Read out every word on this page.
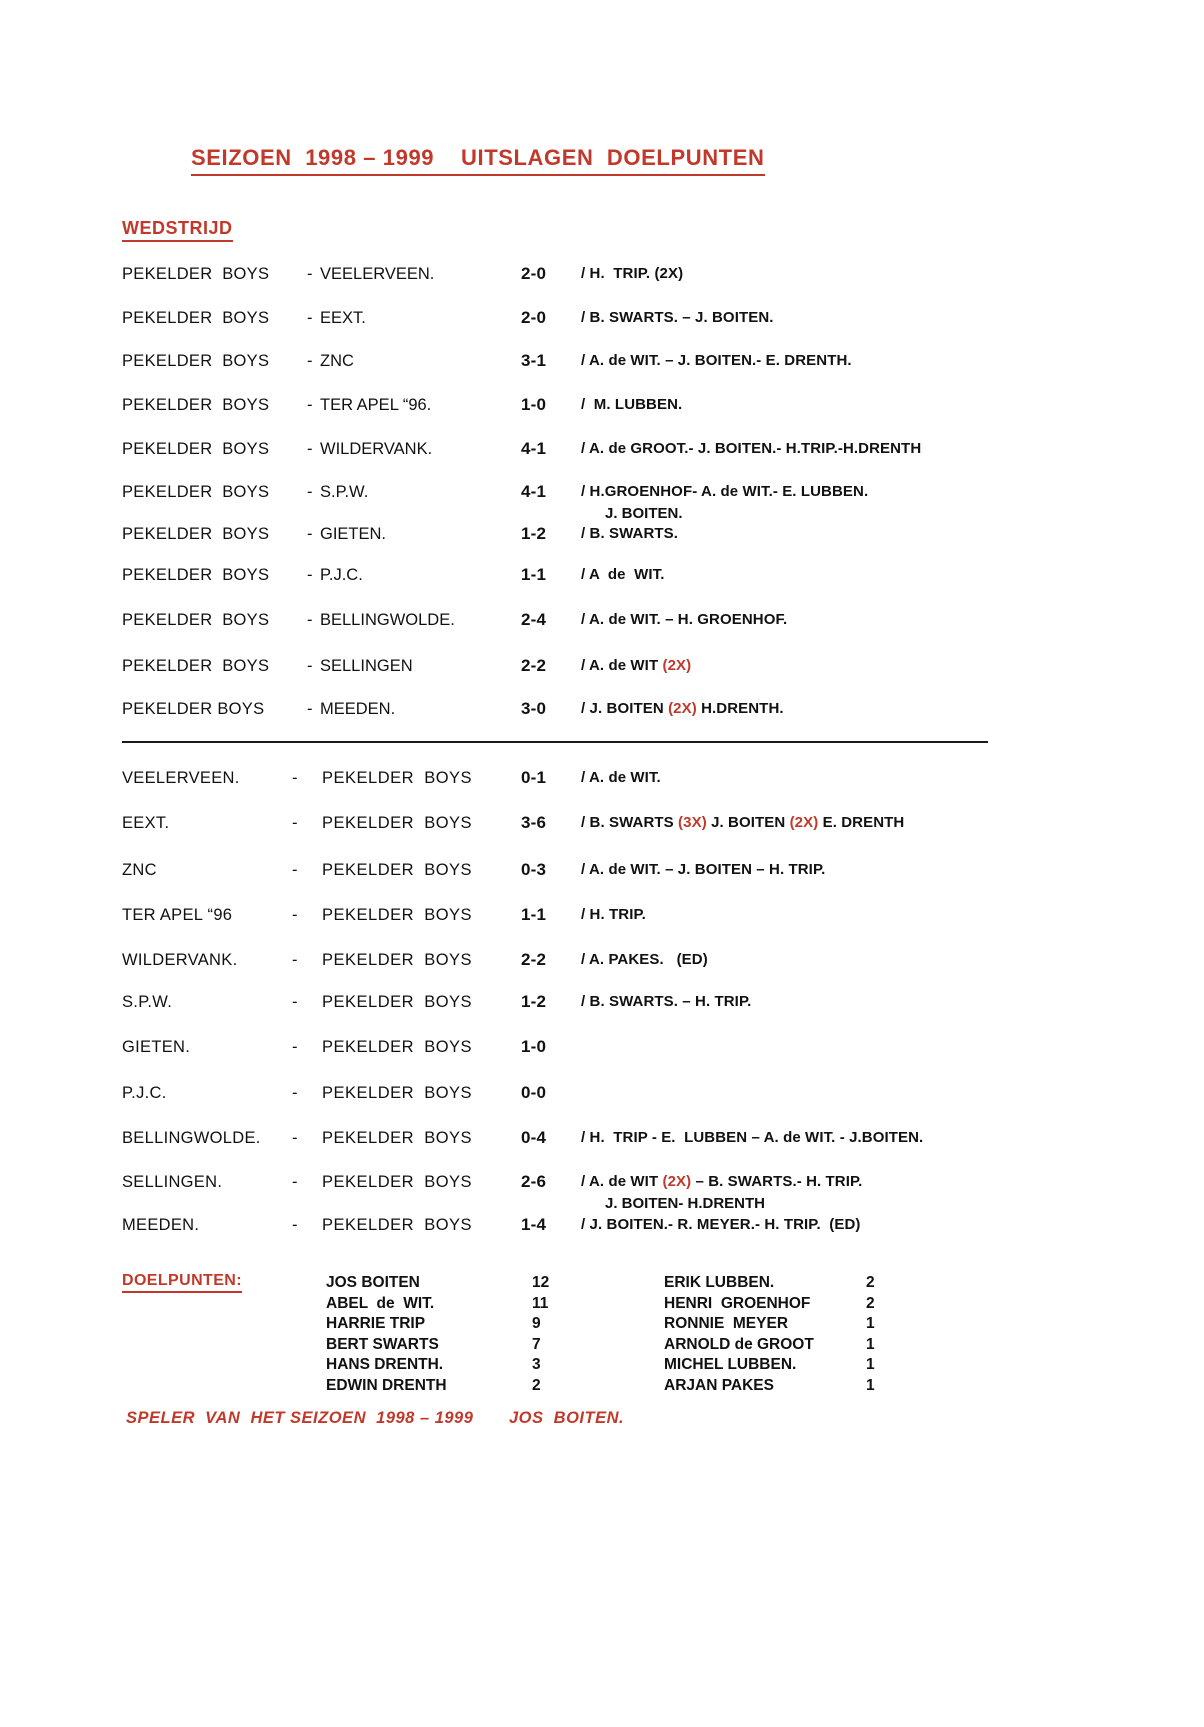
SEIZOEN  1998 – 1999    UITSLAGEN  DOELPUNTEN
WEDSTRIJD
PEKELDER  BOYS - VEELERVEEN.	2-0 / H.  TRIP. (2X)
PEKELDER  BOYS - EEXT.	2-0 / B. SWARTS. – J. BOITEN.
PEKELDER  BOYS - ZNC	3-1 / A. de WIT. – J. BOITEN.- E. DRENTH.
PEKELDER  BOYS - TER APEL “96.	1-0 /  M. LUBBEN.
PEKELDER  BOYS - WILDERVANK.	4-1 / A. de GROOT.- J. BOITEN.- H.TRIP.-H.DRENTH
PEKELDER  BOYS - S.P.W.	4-1 / H.GROENHOF- A. de WIT.- E. LUBBEN.
J. BOITEN.
PEKELDER  BOYS - GIETEN.	1-2 / B. SWARTS.
PEKELDER  BOYS - P.J.C.	1-1 / A  de  WIT.
PEKELDER  BOYS - BELLINGWOLDE.	2-4 / A. de WIT. – H. GROENHOF.
PEKELDER  BOYS - SELLINGEN	2-2 / A. de WIT (2X)
PEKELDER BOYS	- MEEDEN.	3-0 / J. BOITEN (2X) H.DRENTH.
VEELERVEEN.	- PEKELDER  BOYS	0-1 / A. de WIT.
EEXT.	- PEKELDER  BOYS	3-6 / B. SWARTS (3X) J. BOITEN (2X) E. DRENTH
ZNC	- PEKELDER  BOYS	0-3 / A. de WIT. – J. BOITEN – H. TRIP.
TER APEL “96	- PEKELDER  BOYS	1-1 / H. TRIP.
WILDERVANK.	- PEKELDER  BOYS	2-2 / A. PAKES.   (ED)
S.P.W.	- PEKELDER  BOYS	1-2 / B. SWARTS. – H. TRIP.
GIETEN.	- PEKELDER  BOYS	1-0
P.J.C.	- PEKELDER  BOYS	0-0
BELLINGWOLDE. - PEKELDER  BOYS	0-4 / H.  TRIP - E.  LUBBEN – A. de WIT. - J.BOITEN.
SELLINGEN.	- PEKELDER  BOYS	2-6 / A. de WIT (2X) – B. SWARTS.- H. TRIP.
J. BOITEN- H.DRENTH
MEEDEN.	- PEKELDER  BOYS	1-4 / J. BOITEN.- R. MEYER.- H. TRIP.  (ED)
DOELPUNTEN:	JOS BOITEN	12	ERIK LUBBEN.	2
ABEL  de  WIT.	11	HENRI  GROENHOF	2
HARRIE TRIP	9	RONNIE  MEYER	1
BERT SWARTS	7	ARNOLD de GROOT	1
HANS DRENTH.	3	MICHEL LUBBEN.	1
EDWIN DRENTH	2	ARJAN PAKES	1
SPELER  VAN  HET SEIZOEN  1998 – 1999       JOS  BOITEN.
